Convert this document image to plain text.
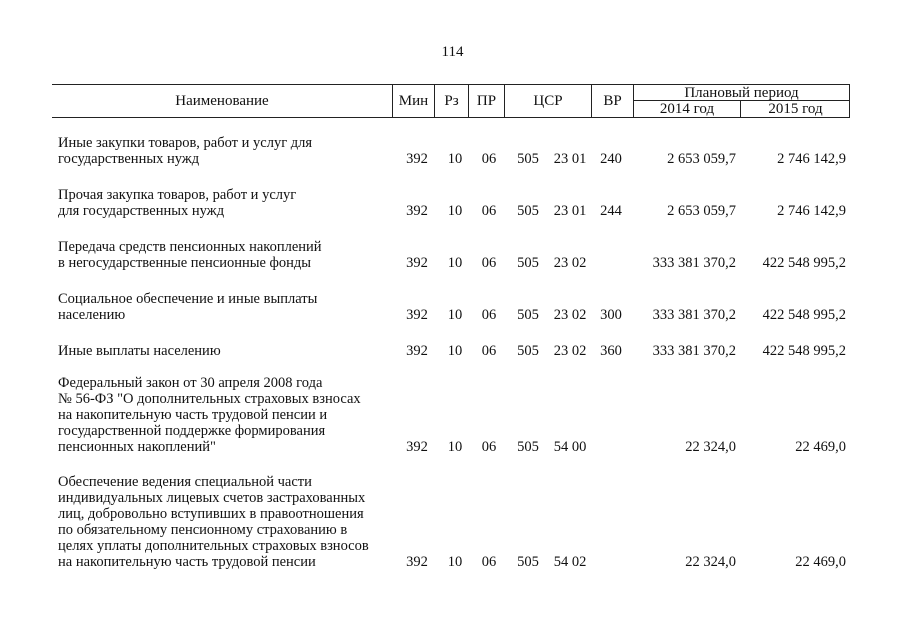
114
Наименование	Мин	Рз	ПР	ЦСР	ВР	Плановый период
2014 год	2015 год
Иные закупки товаров, работ и услуг для
государственных нужд	392	10	06	505	23 01 240	2 653 059,7	2 746 142,9
Прочая закупка товаров, работ и услуг
для государственных нужд	392	10	06	505	23 01 244	2 653 059,7	2 746 142,9
Передача средств пенсионных накоплений
в негосударственные пенсионные фонды	392	10	06	505	23 02	333 381 370,2	422 548 995,2
Социальное обеспечение и иные выплаты
населению	392	10	06	505	23 02 300	333 381 370,2	422 548 995,2
Иные выплаты населению	392	10	06	505	23 02 360	333 381 370,2	422 548 995,2
Федеральный закон от 30 апреля 2008 года
№ 56-ФЗ "О дополнительных страховых взносах
на накопительную часть трудовой пенсии и
государственной поддержке формирования
пенсионных накоплений"	392	10	06	505	54 00	22 324,0	22 469,0
Обеспечение ведения специальной части
индивидуальных лицевых счетов застрахованных
лиц, добровольно вступивших в правоотношения
по обязательному пенсионному страхованию в
целях уплаты дополнительных страховых взносов
на накопительную часть трудовой пенсии	392	10	06	505	54 02	22 324,0	22 469,0
